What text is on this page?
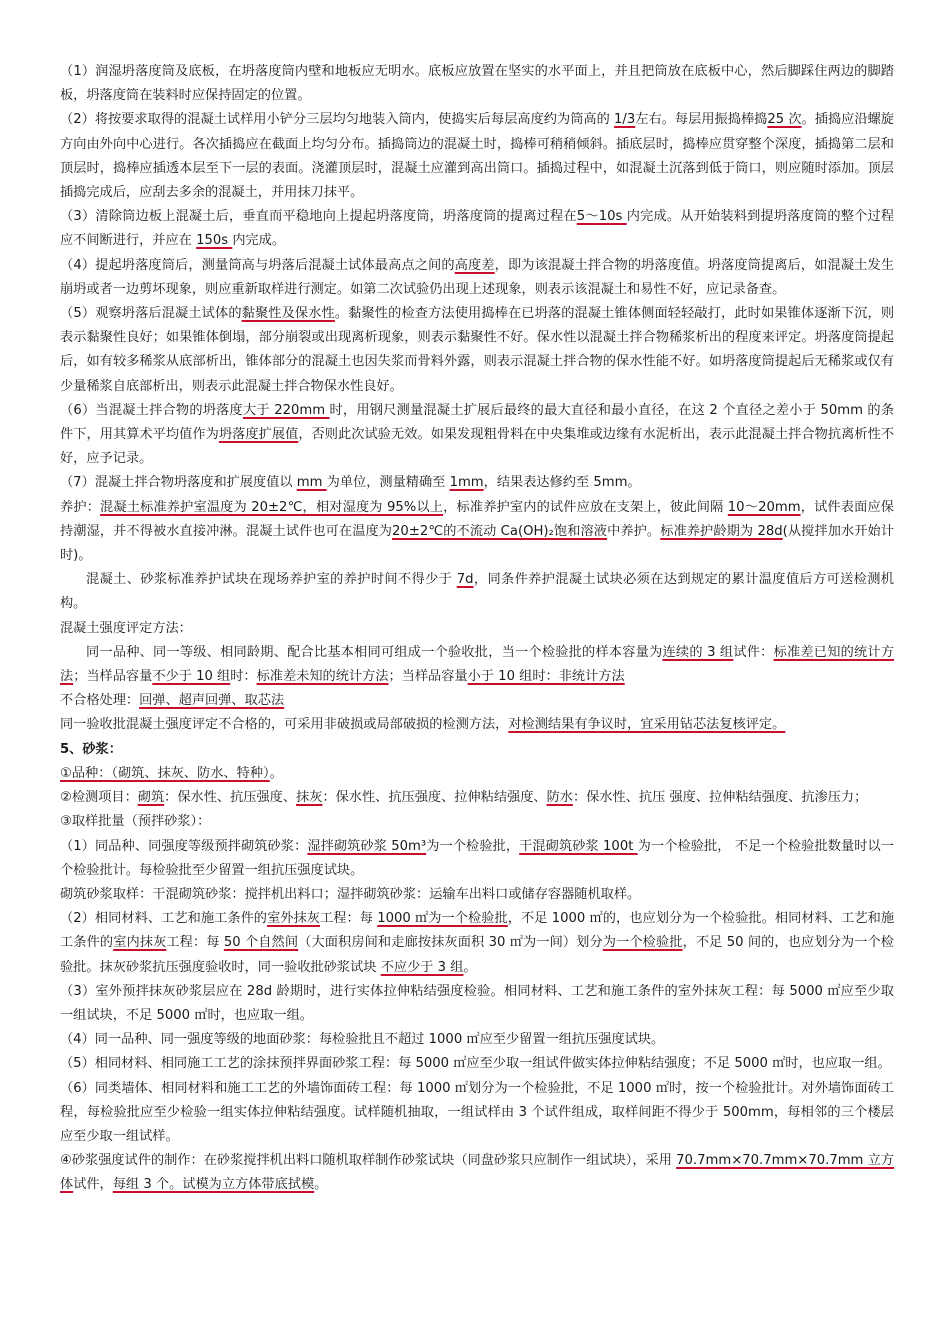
（1）润湿坍落度筒及底板，在坍落度筒内壁和地板应无明水。底板应放置在坚实的水平面上，并且把筒放在底板中心，然后脚踩住两边的脚踏板，坍落度筒在装料时应保持固定的位置。

（2）将按要求取得的混凝土试样用小铲分三层均匀地装入筒内，使捣实后每层高度约为筒高的 1/3左右。每层用振捣棒捣25 次。插捣应沿螺旋方向由外向中心进行。各次插捣应在截面上均匀分布。插捣筒边的混凝土时，捣棒可稍稍倾斜。插底层时，捣棒应贯穿整个深度，插捣第二层和顶层时，捣棒应插透本层至下一层的表面。浇灌顶层时，混凝土应灌到高出筒口。插捣过程中，如混凝土沉落到低于筒口，则应随时添加。顶层插捣完成后，应刮去多余的混凝土，并用抹刀抹平。

（3）清除筒边板上混凝土后，垂直而平稳地向上提起坍落度筒，坍落度筒的提离过程在5～10s 内完成。从开始装料到提坍落度筒的整个过程应不间断进行，并应在 150s 内完成。

（4）提起坍落度筒后，测量筒高与坍落后混凝土试体最高点之间的高度差，即为该混凝土拌合物的坍落度值。坍落度筒提离后，如混凝土发生崩坍或者一边剪坏现象，则应重新取样进行测定。如第二次试验仍出现上述现象，则表示该混凝土和易性不好，应记录备查。

（5）观察坍落后混凝土试体的黏聚性及保水性。黏聚性的检查方法使用捣棒在已坍落的混凝土锥体侧面轻轻敲打，此时如果锥体逐渐下沉，则表示黏聚性良好；如果锥体倒塌，部分崩裂或出现离析现象，则表示黏聚性不好。保水性以混凝土拌合物稀浆析出的程度来评定。坍落度筒提起后，如有较多稀浆从底部析出，锥体部分的混凝土也因失浆而骨料外露，则表示混凝土拌合物的保水性能不好。如坍落度筒提起后无稀浆或仅有少量稀浆自底部析出，则表示此混凝土拌合物保水性良好。

（6）当混凝土拌合物的坍落度大于 220mm 时，用钢尺测量混凝土扩展后最终的最大直径和最小直径，在这 2 个直径之差小于 50mm 的条件下，用其算术平均值作为坍落度扩展值，否则此次试验无效。如果发现粗骨料在中央集堆或边缘有水泥析出，表示此混凝土拌合物抗离析性不好，应予记录。

（7）混凝土拌合物坍落度和扩展度值以 mm 为单位，测量精确至 1mm，结果表达修约至 5mm。

养护：混凝土标准养护室温度为 20±2℃，相对湿度为 95%以上，标准养护室内的试件应放在支架上，彼此间隔 10～20mm，试件表面应保持潮湿，并不得被水直接冲淋。混凝土试件也可在温度为20±2℃的不流动 Ca(OH)₂饱和溶液中养护。标准养护龄期为 28d(从搅拌加水开始计时)。

混凝土、砂浆标准养护试块在现场养护室的养护时间不得少于 7d，同条件养护混凝土试块必须在达到规定的累计温度值后方可送检测机构。

混凝土强度评定方法：

同一品种、同一等级、相同龄期、配合比基本相同可组成一个验收批，当一个检验批的样本容量为连续的 3 组试件：标准差已知的统计方法；当样品容量不少于 10 组时：标准差未知的统计方法；当样品容量小于 10 组时：非统计方法

不合格处理：回弹、超声回弹、取芯法

同一验收批混凝土强度评定不合格的，可采用非破损或局部破损的检测方法，对检测结果有争议时，宜采用钻芯法复核评定。

5、砂浆：

①品种：（砌筑、抹灰、防水、特种）。

②检测项目：砌筑：保水性、抗压强度、抹灰：保水性、抗压强度、拉伸粘结强度、防水：保水性、抗压 强度、拉伸粘结强度、抗渗压力；

③取样批量（预拌砂浆）：

（1）同品种、同强度等级预拌砌筑砂浆：湿拌砌筑砂浆 50m³为一个检验批，干混砌筑砂浆 100t 为一个检验批， 不足一个检验批数量时以一个检验批计。每检验批至少留置一组抗压强度试块。

砌筑砂浆取样：干混砌筑砂浆：搅拌机出料口；湿拌砌筑砂浆：运输车出料口或储存容器随机取样。

（2）相同材料、工艺和施工条件的室外抹灰工程：每 1000 ㎡为一个检验批，不足 1000 ㎡的，也应划分为一个检验批。相同材料、工艺和施工条件的室内抹灰工程：每 50 个自然间（大面积房间和走廊按抹灰面积 30 ㎡为一间）划分为一个检验批，不足 50 间的，也应划分为一个检验批。抹灰砂浆抗压强度验收时，同一验收批砂浆试块 不应少于 3 组。

（3）室外预拌抹灰砂浆层应在 28d 龄期时，进行实体拉伸粘结强度检验。相同材料、工艺和施工条件的室外抹灰工程：每 5000 ㎡应至少取一组试块，不足 5000 ㎡时，也应取一组。

（4）同一品种、同一强度等级的地面砂浆：每检验批且不超过 1000 ㎡应至少留置一组抗压强度试块。

（5）相同材料、相同施工工艺的涂抹预拌界面砂浆工程：每 5000 ㎡应至少取一组试件做实体拉伸粘结强度；不足 5000 ㎡时，也应取一组。

（6）同类墙体、相同材料和施工工艺的外墙饰面砖工程：每 1000 ㎡划分为一个检验批，不足 1000 ㎡时，按一个检验批计。对外墙饰面砖工程，每检验批应至少检验一组实体拉伸粘结强度。试样随机抽取，一组试样由 3 个试件组成，取样间距不得少于 500mm，每相邻的三个楼层应至少取一组试样。

④砂浆强度试件的制作：在砂浆搅拌机出料口随机取样制作砂浆试块（同盘砂浆只应制作一组试块），采用 70.7mm×70.7mm×70.7mm 立方体试件，每组 3 个。试模为立方体带底拭模。
